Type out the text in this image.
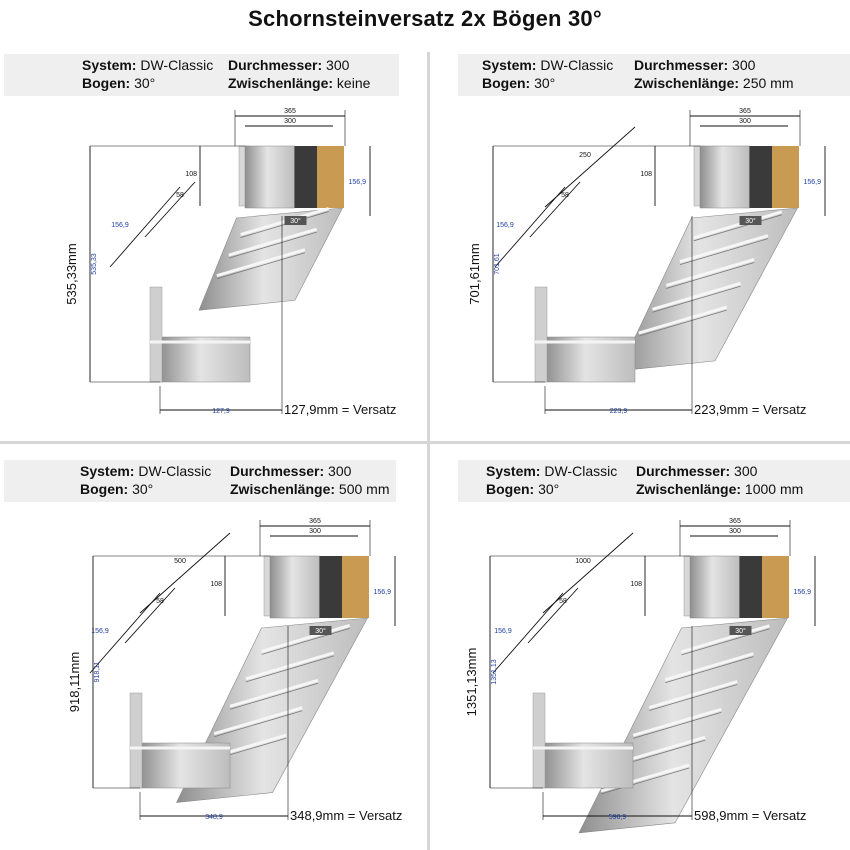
Schornsteinversatz 2x Bögen 30°
System: DW-Classic
Bogen: 30°
Durchmesser: 300
Zwischenlänge: keine
30°
365
300
108
156,9
156,9
58
535,33
535,33mm
127,9	127,9mm = Versatz
System: DW-Classic
Bogen: 30°
Durchmesser: 300
Zwischenlänge: 250 mm
30°
365
300
108
156,9
156,9
58
250
701,61
701,61mm
223,9	223,9mm = Versatz
System: DW-Classic
Bogen: 30°
Durchmesser: 300
Zwischenlänge: 500 mm
30°
365
300
108
156,9
156,9
58
500
918,11
918,11mm
348,9	348,9mm = Versatz
System: DW-Classic
Bogen: 30°
Durchmesser: 300
Zwischenlänge: 1000 mm
30°
365
300
108
156,9
156,9
58
1000
1351,13
1351,13mm
598,9	598,9mm = Versatz
